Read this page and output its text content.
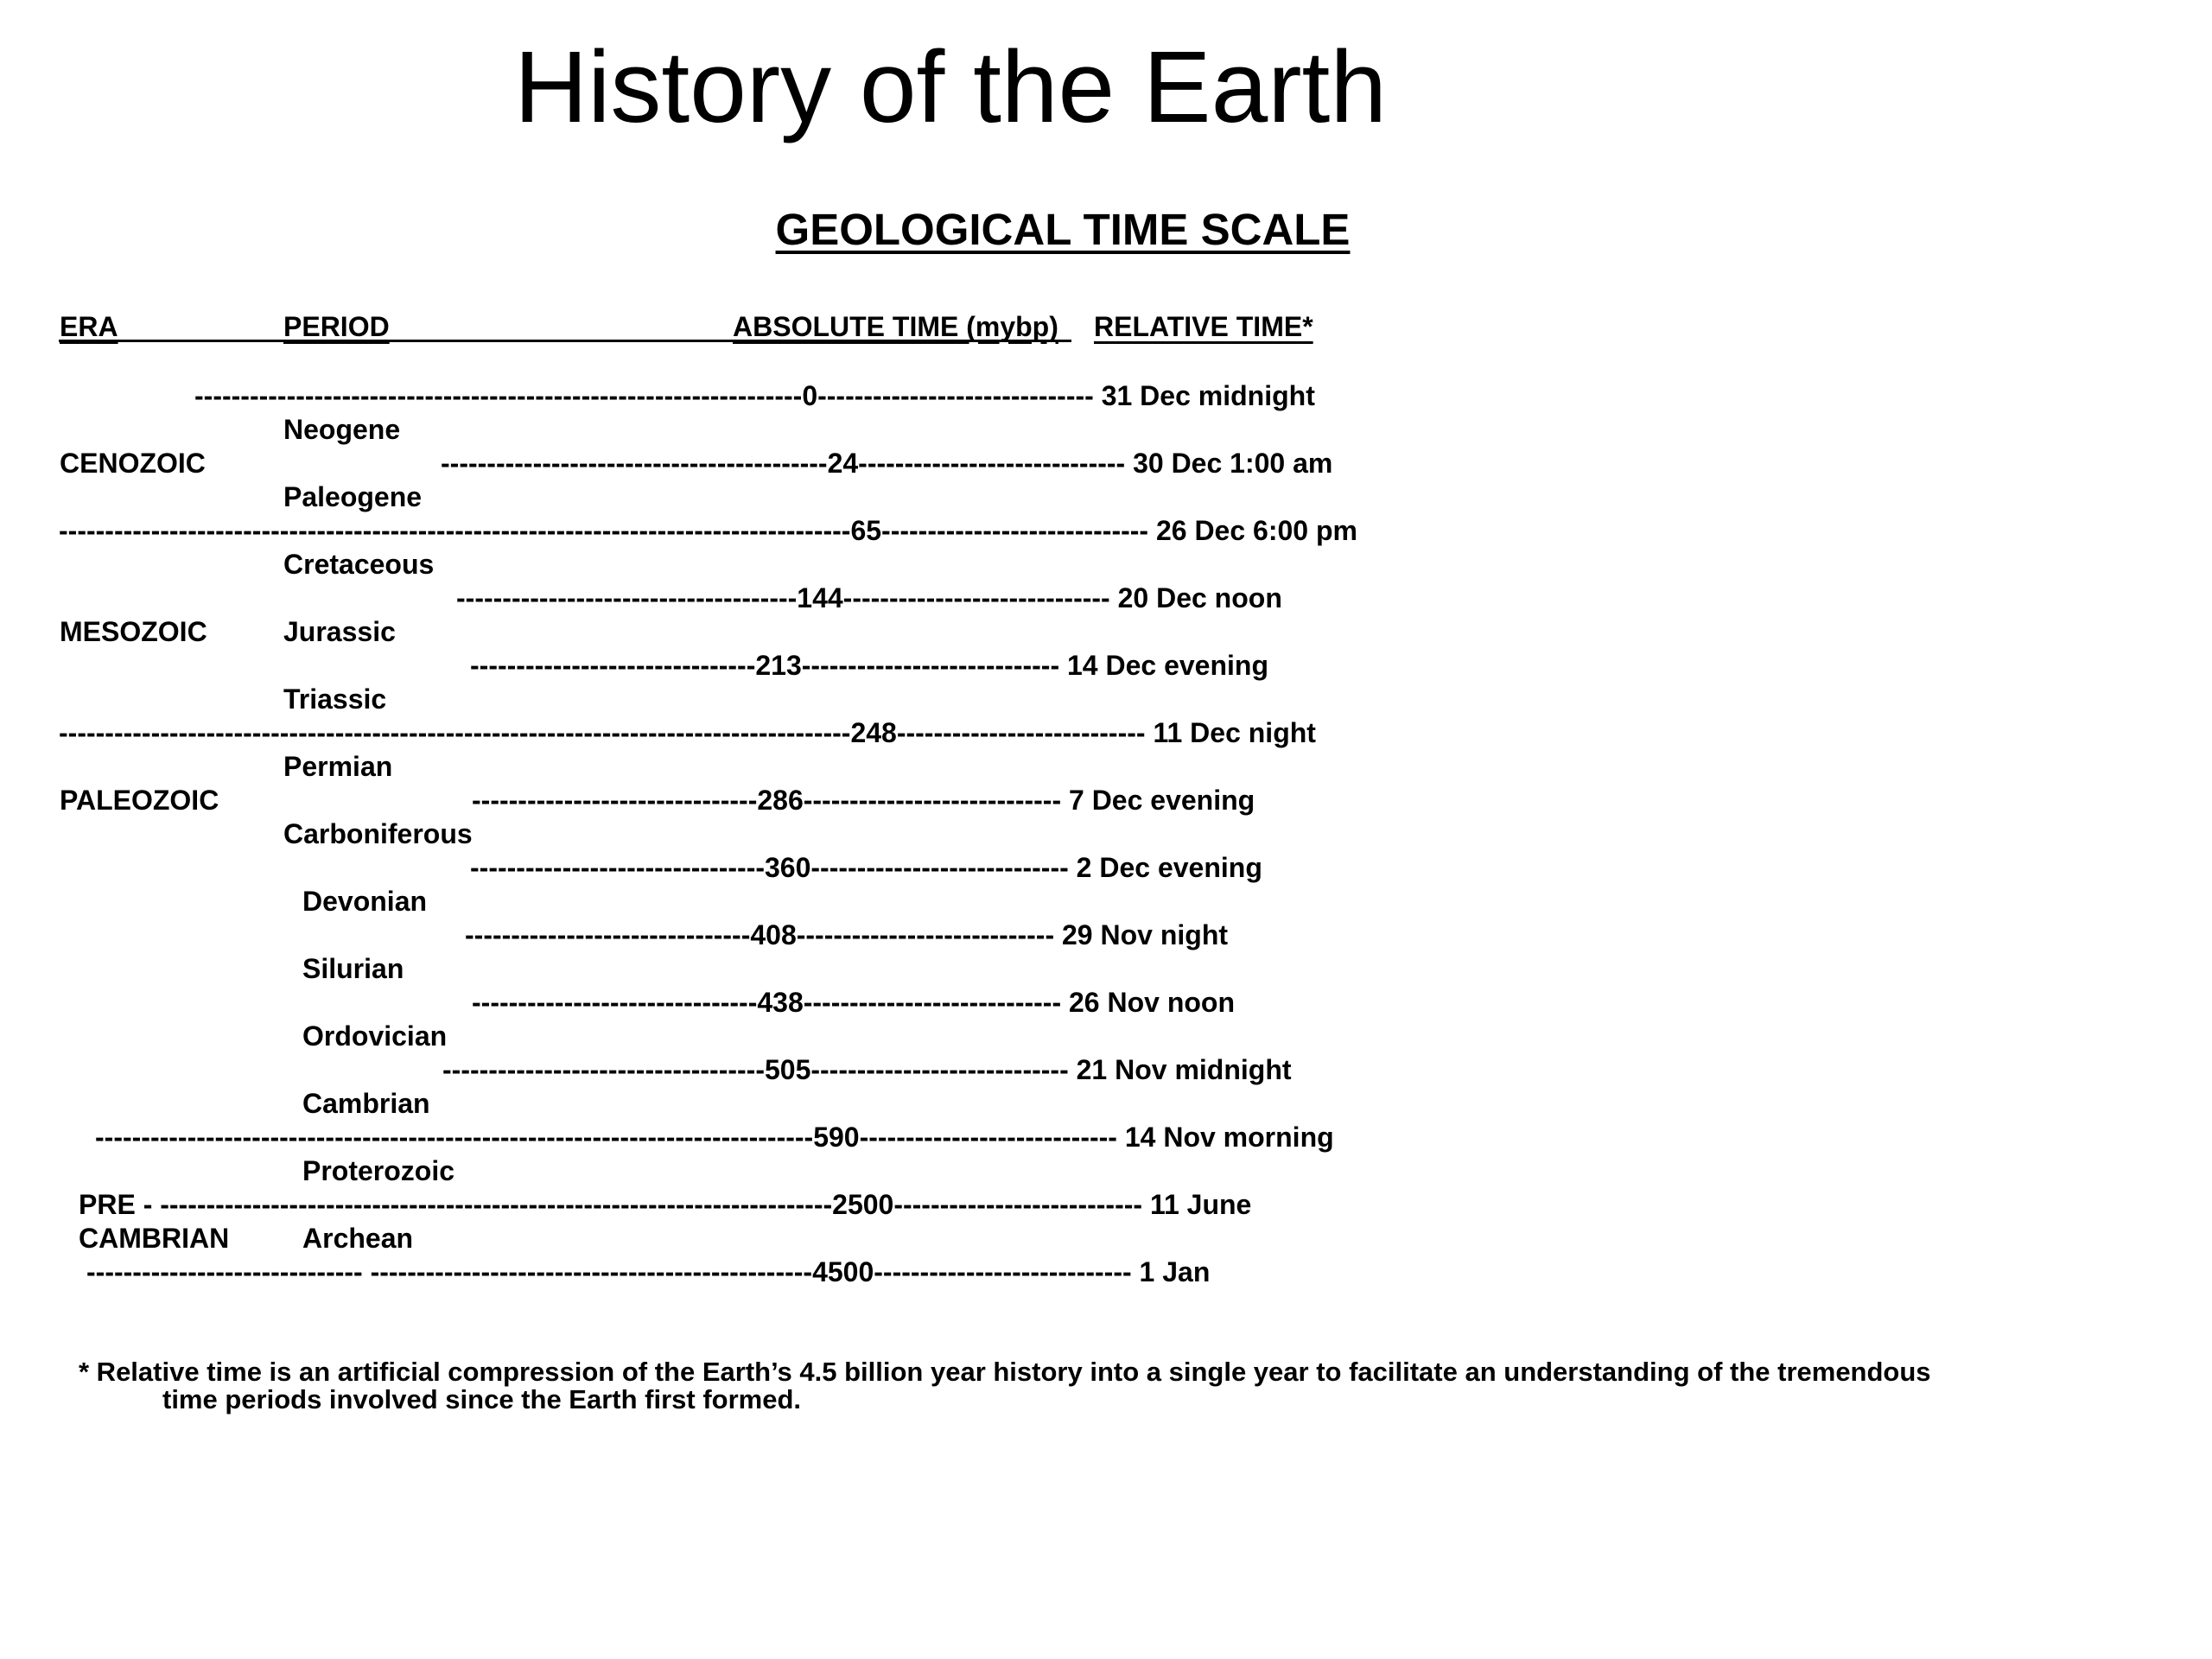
History of the Earth
GEOLOGICAL TIME SCALE
ERA	PERIOD	ABSOLUTE TIME (mybp) RELATIVE TIME*
------------------------------------------------------------------0------------------------------ 31 Dec midnight
------------------------------------------24----------------------------- 30 Dec 1:00 am
--------------------------------------------------------------------------------------65----------------------------- 26 Dec 6:00 pm
-------------------------------------144----------------------------- 20 Dec noon
-------------------------------213---------------------------- 14 Dec evening
--------------------------------------------------------------------------------------248--------------------------- 11 Dec night
-------------------------------286---------------------------- 7 Dec evening
--------------------------------360---------------------------- 2 Dec evening
-------------------------------408---------------------------- 29 Nov night
-------------------------------438---------------------------- 26 Nov noon
-----------------------------------505---------------------------- 21 Nov midnight
------------------------------------------------------------------------------590---------------------------- 14 Nov morning
PRE - -------------------------------------------------------------------------2500--------------------------- 11 June
------------------------------ ------------------------------------------------4500---------------------------- 1 Jan
CENOZOIC
MESOZOIC
PALEOZOIC
CAMBRIAN
Neogene
Paleogene
Cretaceous
Jurassic
Triassic
Permian
Carboniferous
Devonian
Silurian
Ordovician
Cambrian
Proterozoic
Archean
* Relative time is an artificial compression of the Earth’s 4.5 billion year history into a single year to facilitate an understanding of the tremendous
time periods involved since the Earth first formed.
